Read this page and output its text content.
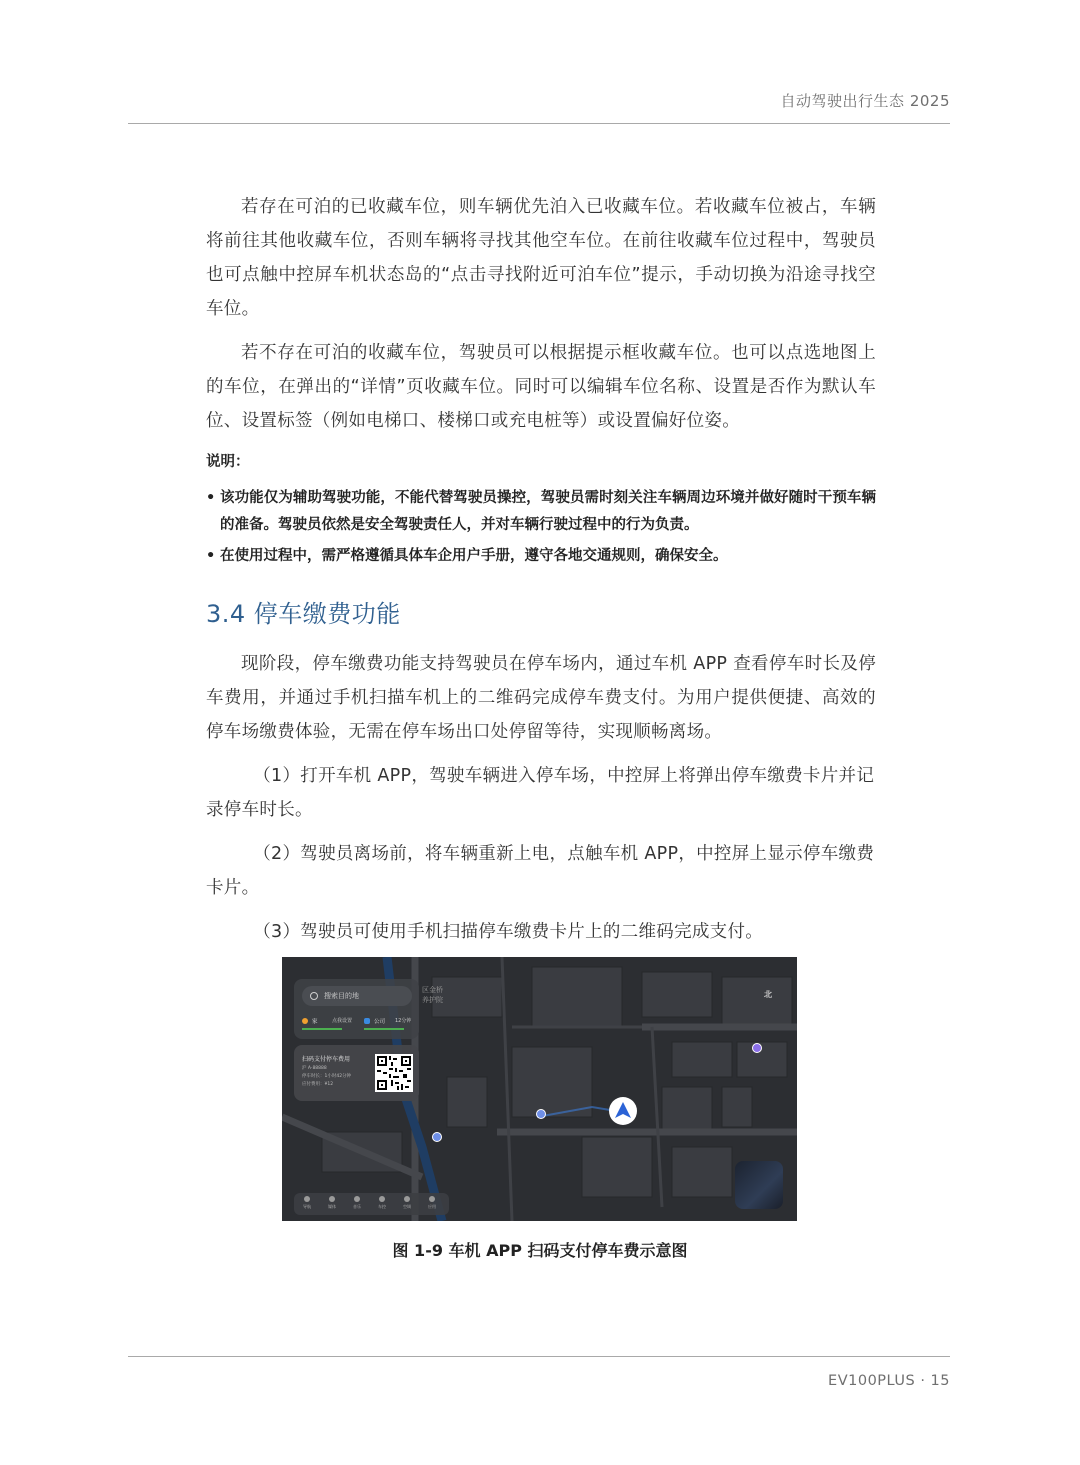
自动驾驶出行生态 2025

若存在可泊的已收藏车位，则车辆优先泊入已收藏车位。若收藏车位被占，车辆将前往其他收藏车位，否则车辆将寻找其他空车位。在前往收藏车位过程中，驾驶员也可点触中控屏车机状态岛的“点击寻找附近可泊车位”提示，手动切换为沿途寻找空车位。

若不存在可泊的收藏车位，驾驶员可以根据提示框收藏车位。也可以点选地图上的车位，在弹出的“详情”页收藏车位。同时可以编辑车位名称、设置是否作为默认车位、设置标签（例如电梯口、楼梯口或充电桩等）或设置偏好位姿。

说明：
• 该功能仅为辅助驾驶功能，不能代替驾驶员操控，驾驶员需时刻关注车辆周边环境并做好随时干预车辆的准备。驾驶员依然是安全驾驶责任人，并对车辆行驶过程中的行为负责。
• 在使用过程中，需严格遵循具体车企用户手册，遵守各地交通规则，确保安全。
3.4 停车缴费功能

现阶段，停车缴费功能支持驾驶员在停车场内，通过车机 APP 查看停车时长及停车费用，并通过手机扫描车机上的二维码完成停车费支付。为用户提供便捷、高效的停车场缴费体验，无需在停车场出口处停留等待，实现顺畅离场。

（1）打开车机 APP，驾驶车辆进入停车场，中控屏上将弹出停车缴费卡片并记录停车时长。

（2）驾驶员离场前，将车辆重新上电，点触车机 APP，中控屏上显示停车缴费卡片。

（3）驾驶员可使用手机扫描停车缴费卡片上的二维码完成支付。

搜索目的地
家	点我设置	公司 12分钟
扫码支付停车费用
沪 A·88888
停车时长：1小时42分钟
应付费用：¥12
区金桥
养护院
北
导航	媒体	音乐	车控	空调	应用
图 1-9 车机 APP 扫码支付停车费示意图
EV100PLUS · 15
